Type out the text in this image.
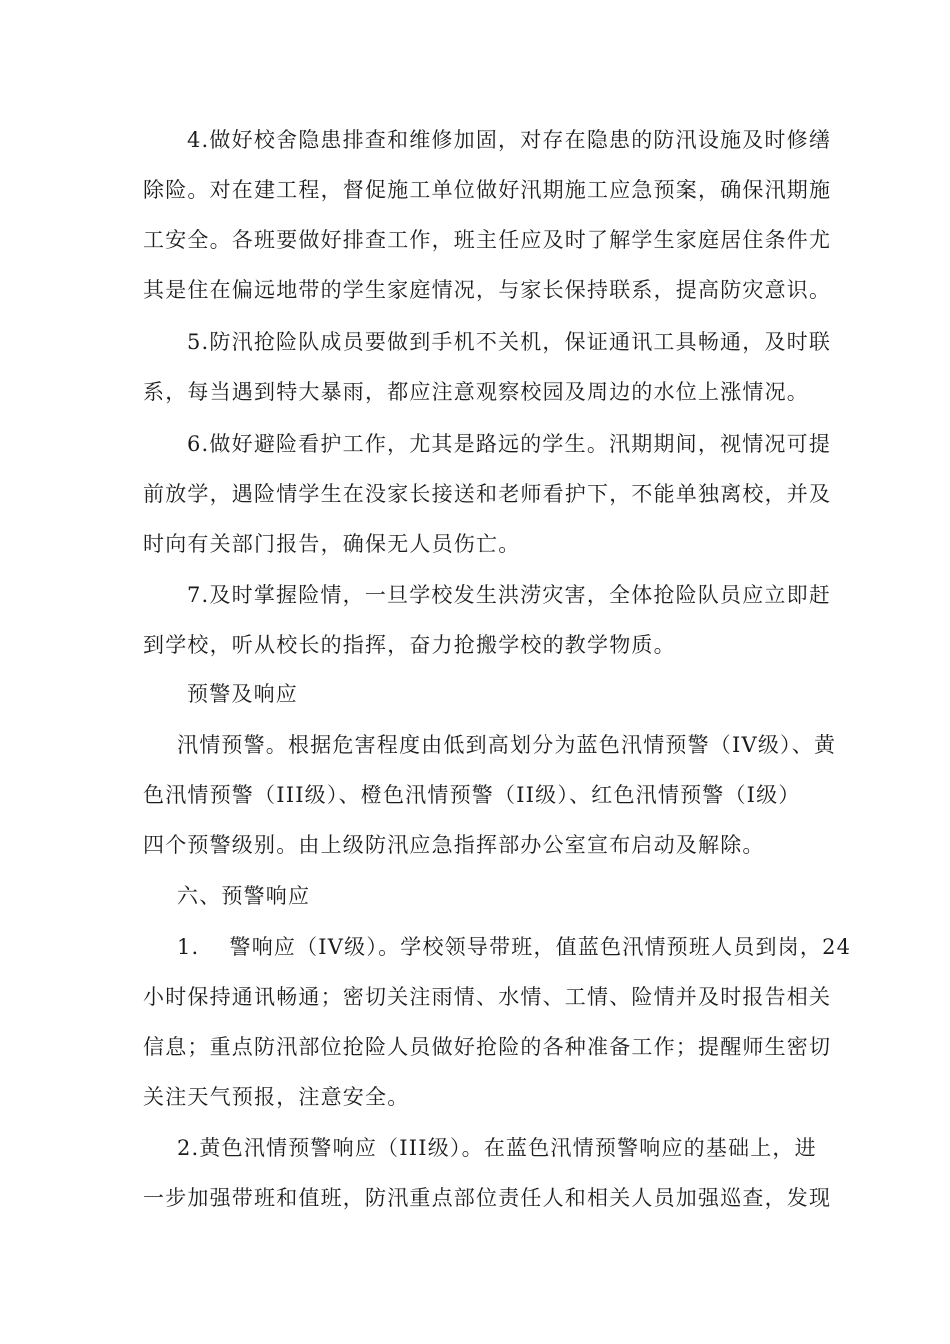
4.做好校舍隐患排查和维修加固，对存在隐患的防汛设施及时修缮
除险。对在建工程，督促施工单位做好汛期施工应急预案，确保汛期施
工安全。各班要做好排查工作，班主任应及时了解学生家庭居住条件尤
其是住在偏远地带的学生家庭情况，与家长保持联系，提高防灾意识。
5.防汛抢险队成员要做到手机不关机，保证通讯工具畅通，及时联
系，每当遇到特大暴雨，都应注意观察校园及周边的水位上涨情况。
6.做好避险看护工作，尤其是路远的学生。汛期期间，视情况可提
前放学，遇险情学生在没家长接送和老师看护下，不能单独离校，并及
时向有关部门报告，确保无人员伤亡。
7.及时掌握险情，一旦学校发生洪涝灾害，全体抢险队员应立即赶
到学校，听从校长的指挥，奋力抢搬学校的教学物质。
预警及响应
汛情预警。根据危害程度由低到高划分为蓝色汛情预警（IV级）、黄
色汛情预警（III级）、橙色汛情预警（II级）、红色汛情预警（I级）
四个预警级别。由上级防汛应急指挥部办公室宣布启动及解除。
六、预警响应
1.　 警响应（IV级）。学校领导带班，值蓝色汛情预班人员到岗，24
小时保持通讯畅通；密切关注雨情、水情、工情、险情并及时报告相关
信息；重点防汛部位抢险人员做好抢险的各种准备工作；提醒师生密切
关注天气预报，注意安全。
2.黄色汛情预警响应（III级）。在蓝色汛情预警响应的基础上，进
一步加强带班和值班，防汛重点部位责任人和相关人员加强巡查，发现
